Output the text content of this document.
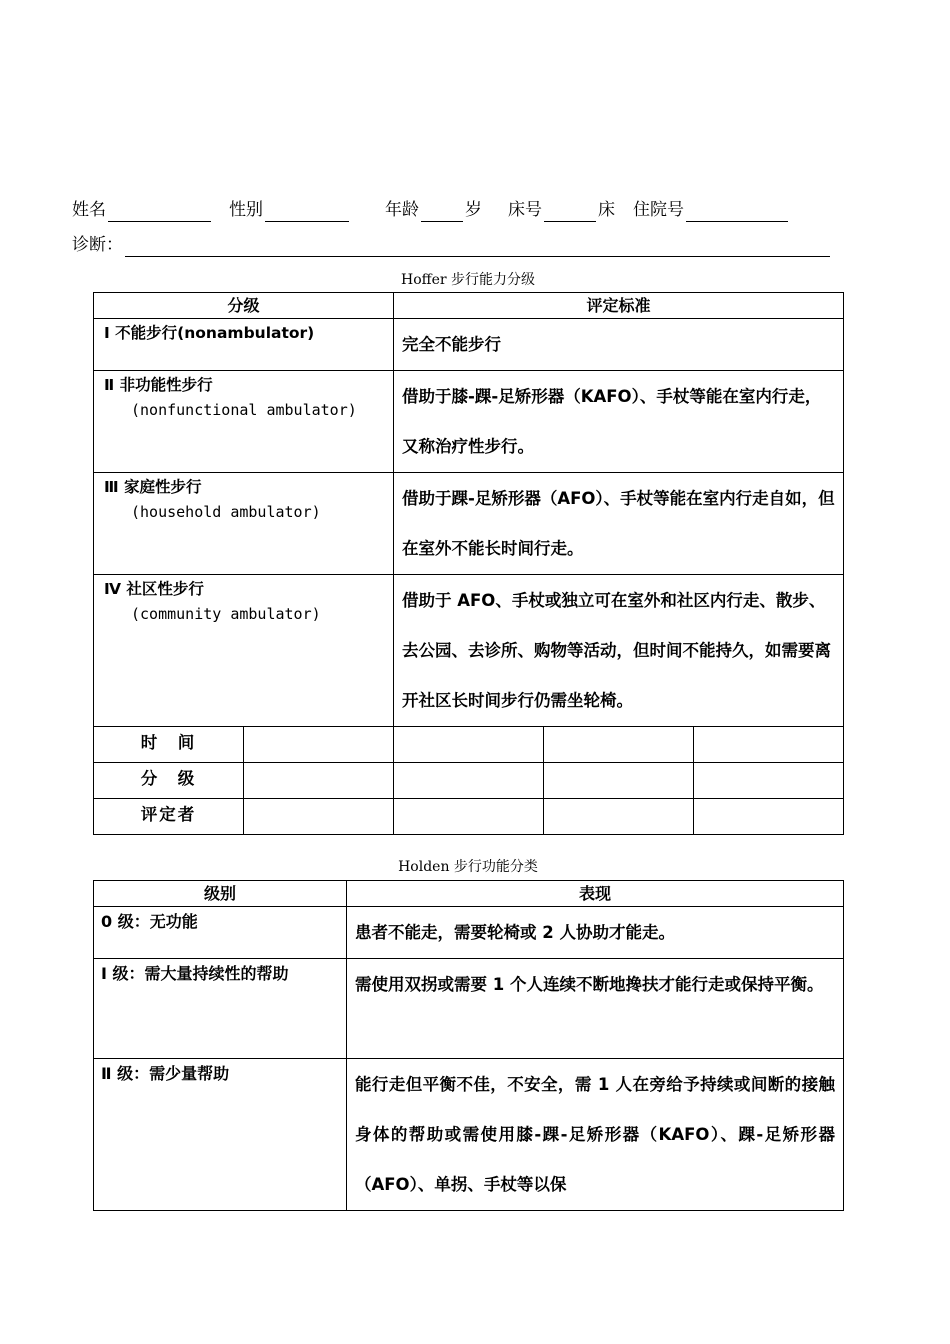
姓名	性别	年龄	岁 床号	床 住院号
诊断：
Hoffer 步行能力分级
分级		评定标准		
Ⅰ 不能步行(nonambulator)		完全不能步行		
Ⅱ 非功能性步行
(nonfunctional ambulator)		借助于膝-踝-足矫形器（KAFO）、手杖等能在室内行走，又称治疗性步行。		
Ⅲ 家庭性步行
(household ambulator)		借助于踝-足矫形器（AFO）、手杖等能在室内行走自如，但在室外不能长时间行走。		
Ⅳ 社区性步行
(community ambulator)		借助于 AFO、手杖或独立可在室外和社区内行走、散步、去公园、去诊所、购物等活动，但时间不能持久，如需要离开社区长时间步行仍需坐轮椅。		
时　间				
分　级				
评定者				
Holden 步行功能分类
级别	表现
0 级：无功能	患者不能走，需要轮椅或 2 人协助才能走。
Ⅰ 级：需大量持续性的帮助	需使用双拐或需要 1 个人连续不断地搀扶才能行走或保持平衡。
Ⅱ 级：需少量帮助	能行走但平衡不佳，不安全，需 1 人在旁给予持续或间断的接触身体的帮助或需使用膝-踝-足矫形器（KAFO）、踝-足矫形器（AFO）、单拐、手杖等以保
